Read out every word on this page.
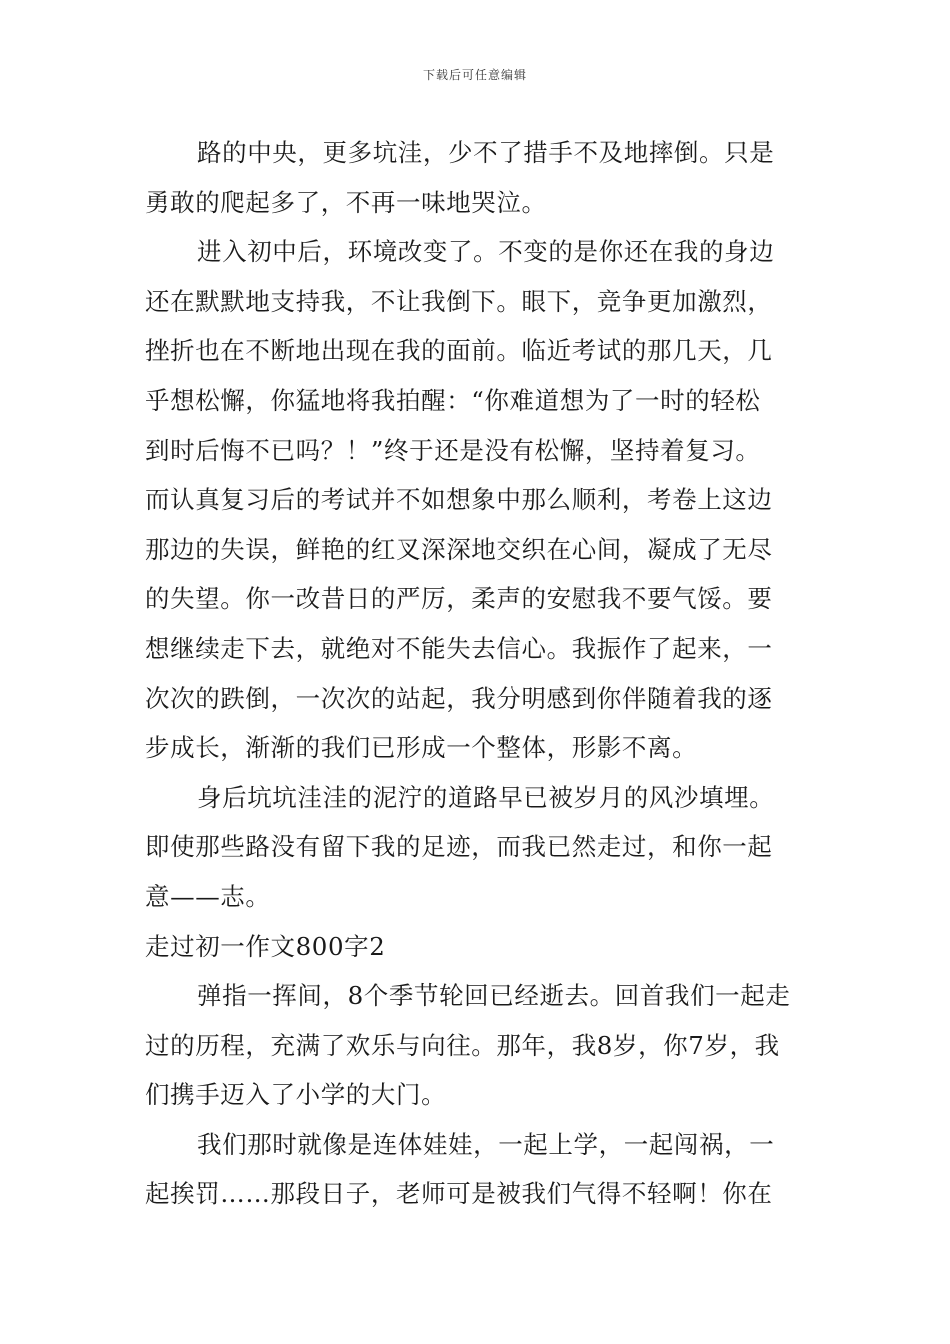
下载后可任意编辑
路的中央，更多坑洼，少不了措手不及地摔倒。只是
勇敢的爬起多了，不再一味地哭泣。
进入初中后，环境改变了。不变的是你还在我的身边
还在默默地支持我，不让我倒下。眼下，竞争更加激烈，
挫折也在不断地出现在我的面前。临近考试的那几天，几
乎想松懈，你猛地将我拍醒：“你难道想为了一时的轻松
到时后悔不已吗？！”终于还是没有松懈，坚持着复习。
而认真复习后的考试并不如想象中那么顺利，考卷上这边
那边的失误，鲜艳的红叉深深地交织在心间，凝成了无尽
的失望。你一改昔日的严厉，柔声的安慰我不要气馁。要
想继续走下去，就绝对不能失去信心。我振作了起来，一
次次的跌倒，一次次的站起，我分明感到你伴随着我的逐
步成长，渐渐的我们已形成一个整体，形影不离。
身后坑坑洼洼的泥泞的道路早已被岁月的风沙填埋。
即使那些路没有留下我的足迹，而我已然走过，和你一起
意——志。
走过初一作文800字2
弹指一挥间，8个季节轮回已经逝去。回首我们一起走
过的历程，充满了欢乐与向往。那年，我8岁，你7岁，我
们携手迈入了小学的大门。
我们那时就像是连体娃娃，一起上学，一起闯祸，一
起挨罚……那段日子，老师可是被我们气得不轻啊！你在
